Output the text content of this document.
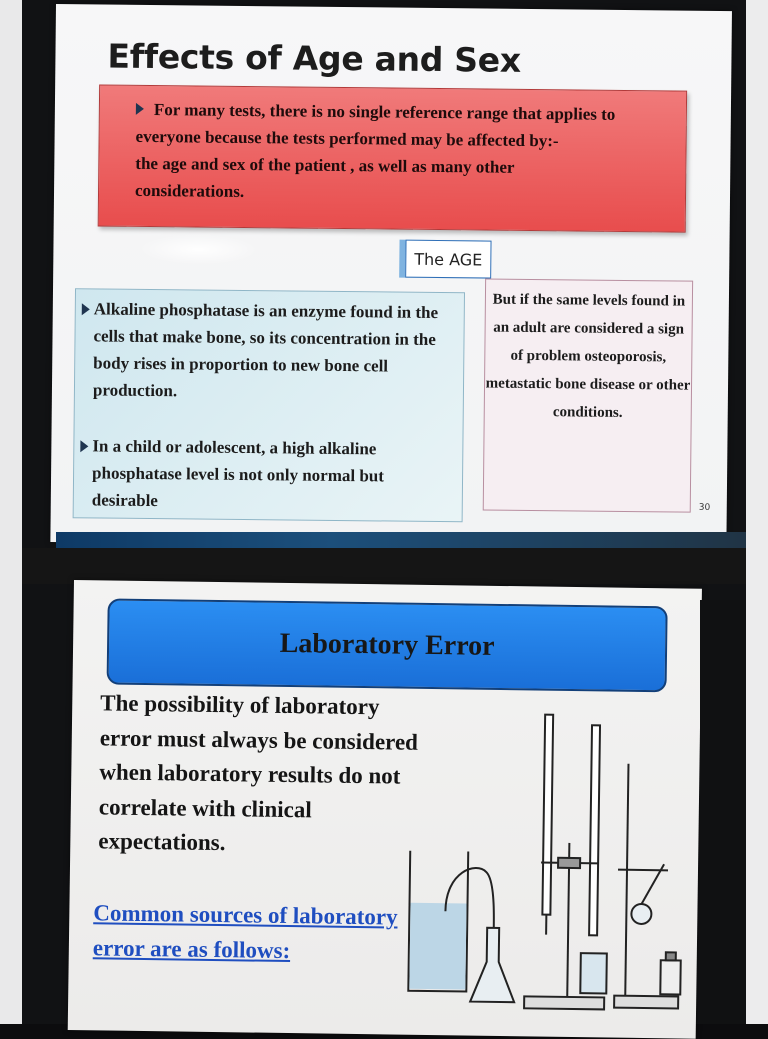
Effects of Age and Sex

For many tests, there is no single reference range that applies to
everyone because the tests performed may be affected by:-
the age and sex of the patient , as well as many other
considerations.

The AGE
Alkaline phosphatase is an enzyme found in the cells that make bone, so its concentration in the body rises in proportion to new bone cell production.
In a child or adolescent, a high alkaline phosphatase level is not only normal but desirable

But if the same levels found in an adult are considered a sign of problem osteoporosis, metastatic bone disease or other conditions.

30
Laboratory Error
The possibility of laboratory error must always be considered when laboratory results do not correlate with clinical expectations.
Common sources of laboratory error are as follows:
